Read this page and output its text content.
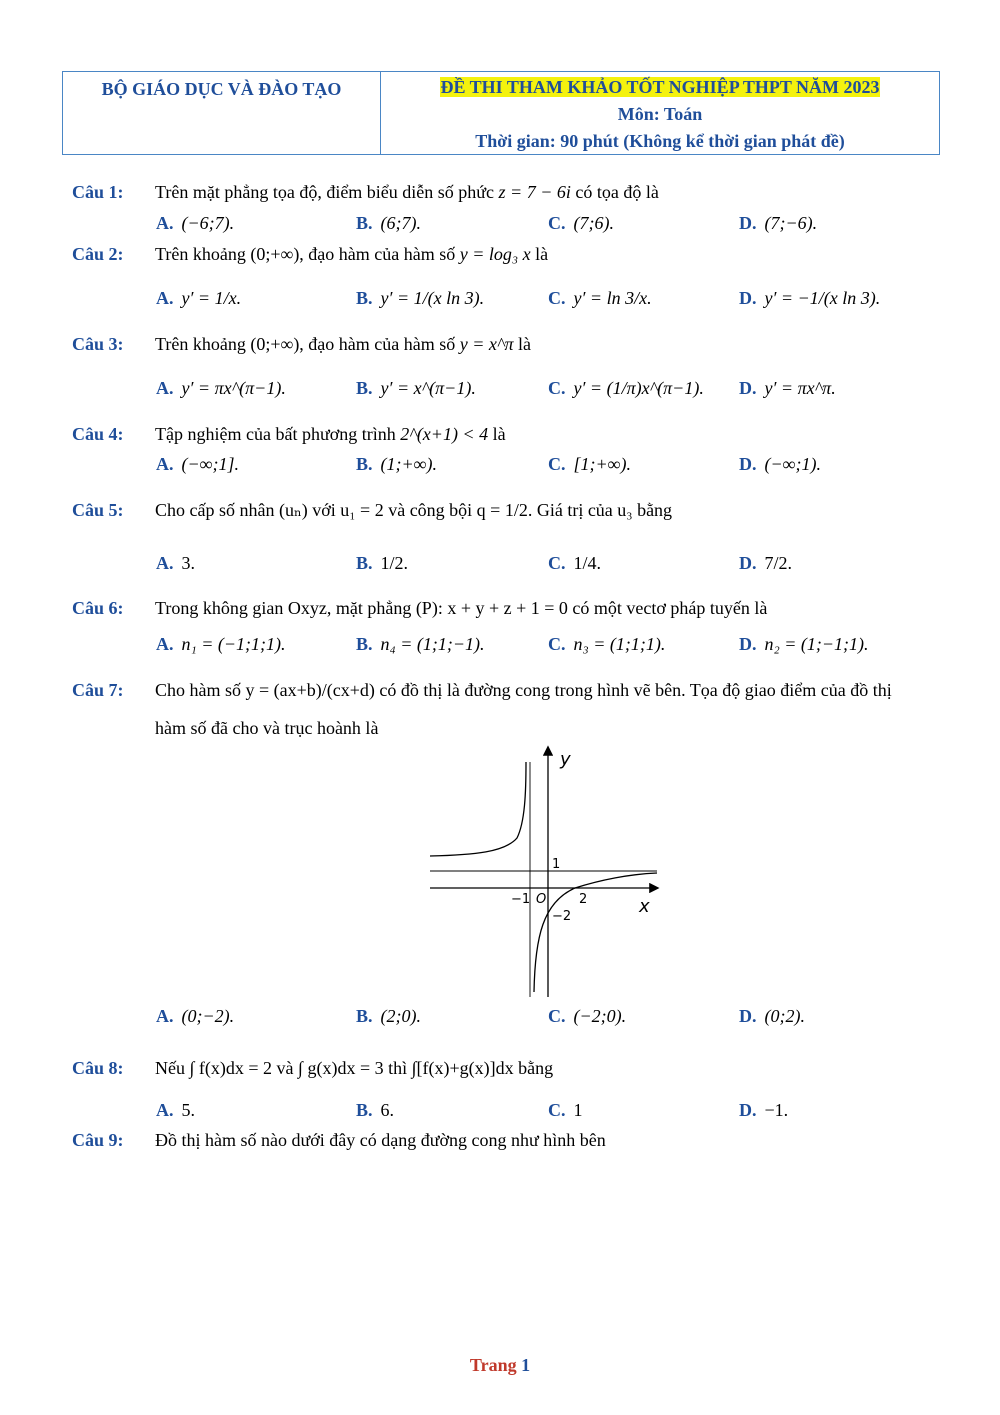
BỘ GIÁO DỤC VÀ ĐÀO TẠO	ĐỀ THI THAM KHẢO TỐT NGHIỆP THPT NĂM 2023
Môn: Toán
Thời gian: 90 phút (Không kể thời gian phát đề)
Câu 1: Trên mặt phẳng tọa độ, điểm biểu diễn số phức z = 7 − 6i có tọa độ là
A. (−6;7).	B. (6;7).	C. (7;6).	D. (7;−6).
Câu 2: Trên khoảng (0;+∞), đạo hàm của hàm số y = log₃ x là
A. y′ = 1/x.	B. y′ = 1/(x ln 3).	C. y′ = ln 3/x.	D. y′ = −1/(x ln 3).
Câu 3: Trên khoảng (0;+∞), đạo hàm của hàm số y = x^π là
A. y′ = πx^(π−1).	B. y′ = x^(π−1).	C. y′ = (1/π)x^(π−1). D. y′ = πx^π.
Câu 4: Tập nghiệm của bất phương trình 2^(x+1) < 4 là
A. (−∞;1].	B. (1;+∞).	C. [1;+∞).	D. (−∞;1).
Câu 5: Cho cấp số nhân (uₙ) với u₁ = 2 và công bội q = 1/2. Giá trị của u₃ bằng
A. 3.	B. 1/2.	C. 1/4.	D. 7/2.
Câu 6: Trong không gian Oxyz, mặt phẳng (P): x + y + z + 1 = 0 có một vectơ pháp tuyến là
A. n₁ = (−1;1;1).	B. n₄ = (1;1;−1).	C. n₃ = (1;1;1).	D. n₂ = (1;−1;1).
Câu 7: Cho hàm số y = (ax+b)/(cx+d) có đồ thị là đường cong trong hình vẽ bên. Tọa độ giao điểm của đồ thị
hàm số đã cho và trục hoành là
y
x
1
−1 O	2
−2
A. (0;−2).	B. (2;0).	C. (−2;0).	D. (0;2).
Câu 8: Nếu ∫ f(x)dx = 2 và ∫ g(x)dx = 3 thì ∫[f(x)+g(x)]dx bằng
A. 5.	B. 6.	C. 1	D. −1.
Câu 9: Đồ thị hàm số nào dưới đây có dạng đường cong như hình bên
Trang 1
